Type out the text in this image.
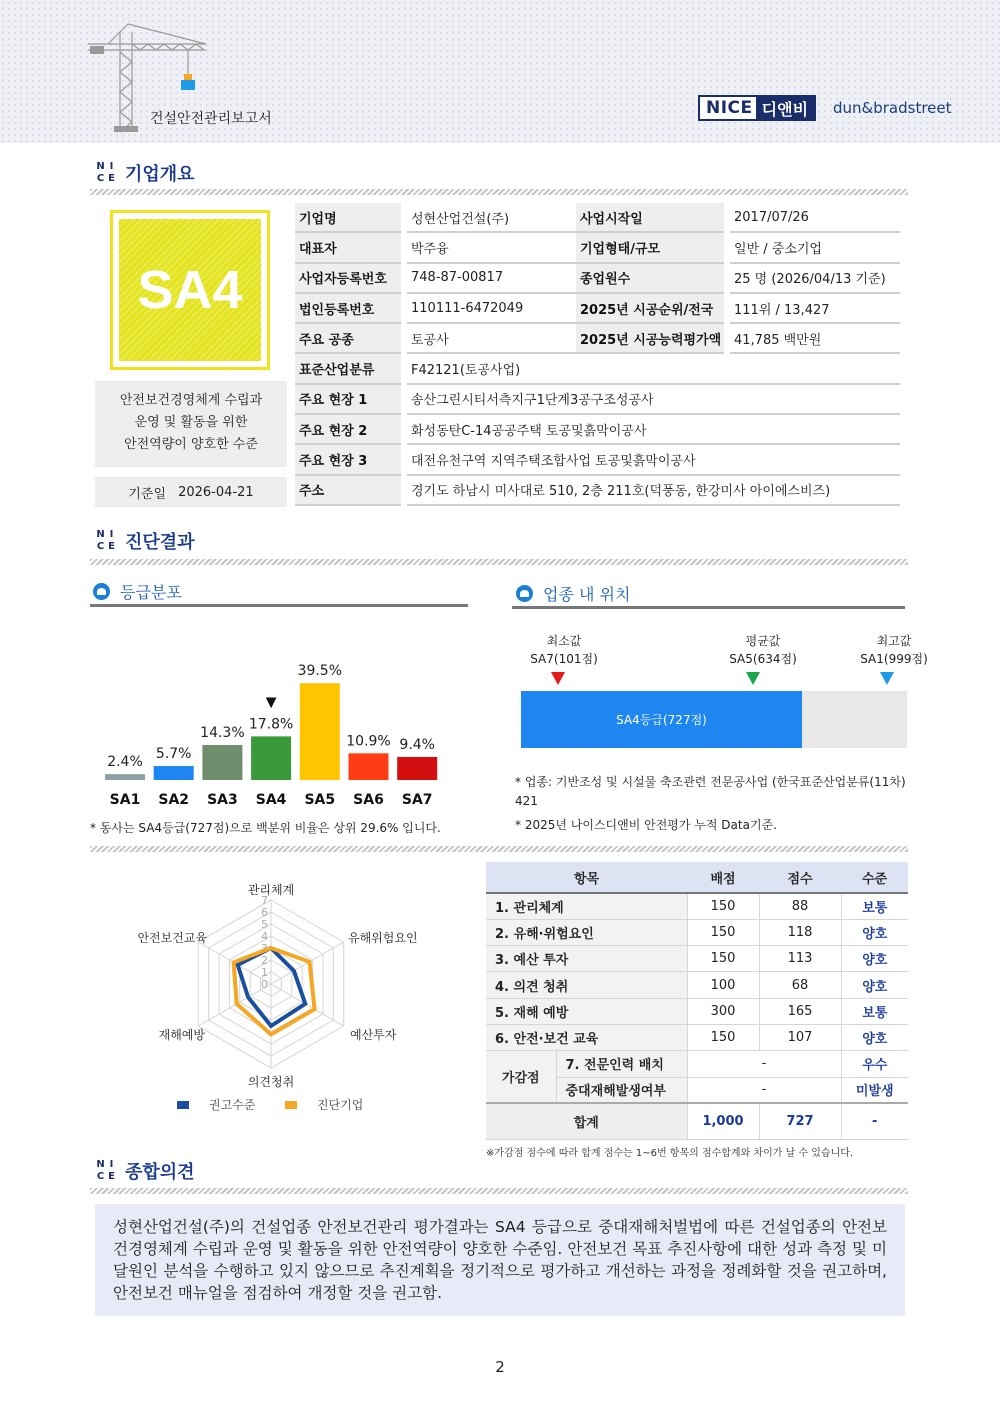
건설안전관리보고서
NICE 디앤비	dun&bradstreet
N I
C E 기업개요
SA4
안전보건경영체계 수립과
운영 및 활동을 위한
안전역량이 양호한 수준
기준일 2026-04-21
기업명	성현산업건설(주)	사업시작일	2017/07/26
대표자	박주융	기업형태/규모	일반 / 중소기업
사업자등록번호	748-87-00817	종업원수	25 명 (2026/04/13 기준)
법인등록번호	110111-6472049	2025년 시공순위/전국	111위 / 13,427
주요 공종	토공사	2025년 시공능력평가액 41,785 백만원
표준산업분류	F42121(토공사업)
주요 현장 1	송산그린시티서측지구1단계3공구조성공사
주요 현장 2	화성동탄C-14공공주택 토공및흙막이공사
주요 현장 3	대전유천구역 지역주택조합사업 토공및흙막이공사
주소	경기도 하남시 미사대로 510, 2층 211호(덕풍동, 한강미사 아이에스비즈)
N I
C E 진단결과
등급분포
2.4%
SA1
5.7%
SA2
14.3%
SA3
17.8%
SA4
▼
39.5%
SA5
10.9%
SA6
9.4%
SA7
* 동사는 SA4등급(727점)으로 백분위 비율은 상위 29.6% 입니다.
업종 내 위치
최소값
SA7(101점)
평균값
SA5(634점)
최고값
SA1(999점)
SA4등급(727점)
* 업종: 기반조성 및 시설물 축조관련 전문공사업 (한국표준산업분류(11차) 421
* 2025년 나이스디앤비 안전평가 누적 Data기준.
0
1
2
3
4
5
6
7
관리체계
유해위험요인
예산투자
의견청취
재해예방
안전보건교육
권고수준	진단기업
항목		배점	점수	수준
1. 관리체계		150	88	보통
2. 유해·위험요인		150	118	양호
3. 예산 투자		150	113	양호
4. 의견 청취		100	68	양호
5. 재해 예방		300	165	보통
6. 안전·보건 교육		150	107	양호
가감점	7. 전문인력 배치	-		우수
	중대재해발생여부	-		미발생
합계		1,000	727	-
※가감점 점수에 따라 합계 점수는 1~6번 항목의 점수합계와 차이가 날 수 있습니다.
N I
C E 종합의견
성현산업건설(주)의 건설업종 안전보건관리 평가결과는 SA4 등급으로 중대재해처벌법에 따른 건설업종의 안전보건경영체계 수립과 운영 및 활동을 위한 안전역량이 양호한 수준임. 안전보건 목표 추진사항에 대한 성과 측정 및 미달원인 분석을 수행하고 있지 않으므로 추진계획을 정기적으로 평가하고 개선하는 과정을 정례화할 것을 권고하며, 안전보건 매뉴얼을 점검하여 개정할 것을 권고함.
2
